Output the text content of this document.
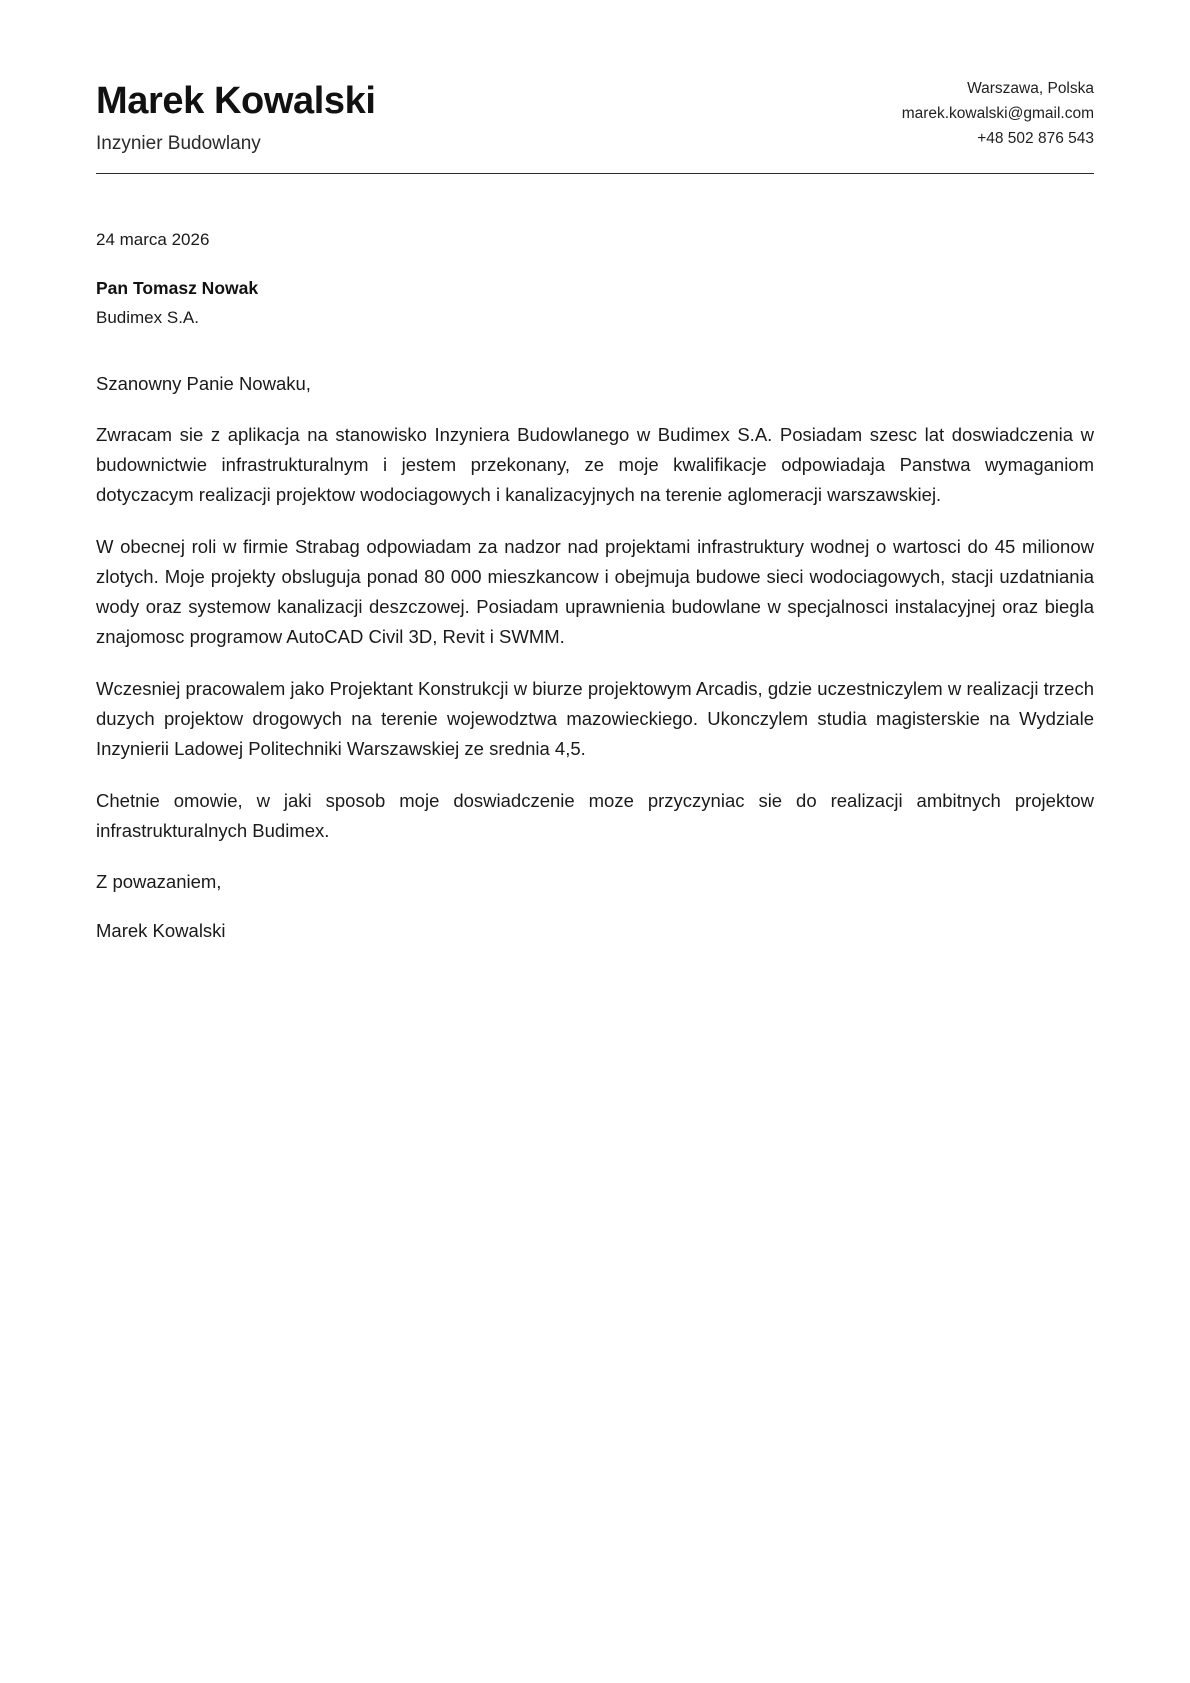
Marek Kowalski
Inzynier Budowlany
Warszawa, Polska
marek.kowalski@gmail.com
+48 502 876 543
24 marca 2026
Pan Tomasz Nowak
Budimex S.A.
Szanowny Panie Nowaku,

Zwracam sie z aplikacja na stanowisko Inzyniera Budowlanego w Budimex S.A. Posiadam szesc lat doswiadczenia w budownictwie infrastrukturalnym i jestem przekonany, ze moje kwalifikacje odpowiadaja Panstwa wymaganiom dotyczacym realizacji projektow wodociagowych i kanalizacyjnych na terenie aglomeracji warszawskiej.

W obecnej roli w firmie Strabag odpowiadam za nadzor nad projektami infrastruktury wodnej o wartosci do 45 milionow zlotych. Moje projekty obsluguja ponad 80 000 mieszkancow i obejmuja budowe sieci wodociagowych, stacji uzdatniania wody oraz systemow kanalizacji deszczowej. Posiadam uprawnienia budowlane w specjalnosci instalacyjnej oraz biegla znajomosc programow AutoCAD Civil 3D, Revit i SWMM.

Wczesniej pracowalem jako Projektant Konstrukcji w biurze projektowym Arcadis, gdzie uczestniczylem w realizacji trzech duzych projektow drogowych na terenie wojewodztwa mazowieckiego. Ukonczylem studia magisterskie na Wydziale Inzynierii Ladowej Politechniki Warszawskiej ze srednia 4,5.

Chetnie omowie, w jaki sposob moje doswiadczenie moze przyczyniac sie do realizacji ambitnych projektow infrastrukturalnych Budimex.

Z powazaniem,
Marek Kowalski
